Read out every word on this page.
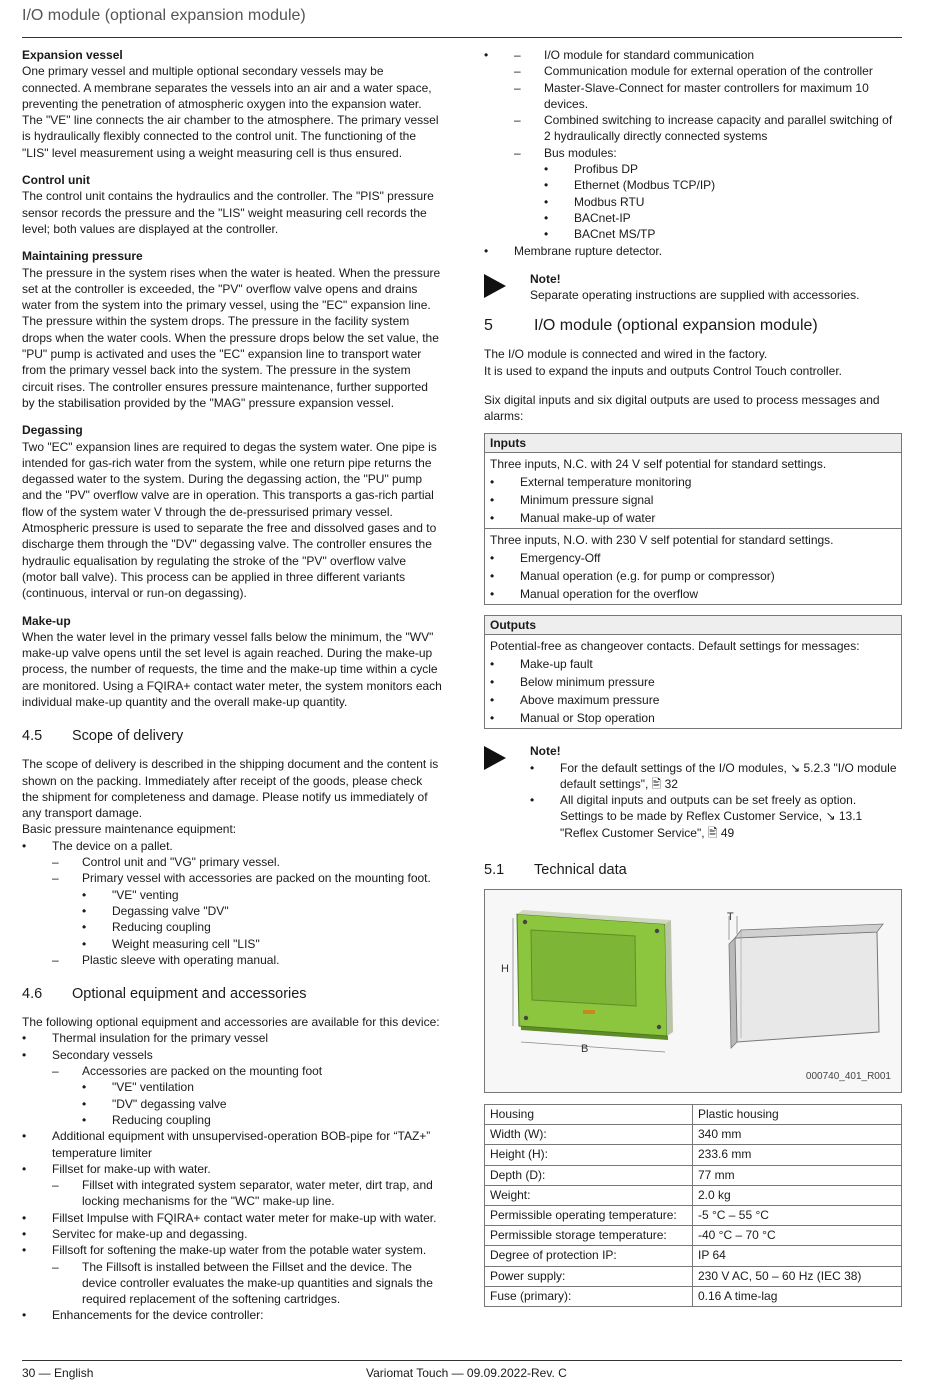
I/O module (optional expansion module)
Expansion vessel

One primary vessel and multiple optional secondary vessels may be connected. A membrane separates the vessels into an air and a water space, preventing the penetration of atmospheric oxygen into the expansion water. The "VE" line connects the air chamber to the atmosphere. The primary vessel is hydraulically flexibly connected to the control unit. The functioning of the "LIS" level measurement using a weight measuring cell is thus ensured.

Control unit

The control unit contains the hydraulics and the controller. The "PIS" pressure sensor records the pressure and the "LIS" weight measuring cell records the level; both values are displayed at the controller.

Maintaining pressure

The pressure in the system rises when the water is heated. When the pressure set at the controller is exceeded, the "PV" overflow valve opens and drains water from the system into the primary vessel, using the "EC" expansion line. The pressure within the system drops. The pressure in the facility system drops when the water cools. When the pressure drops below the set value, the "PU" pump is activated and uses the "EC" expansion line to transport water from the primary vessel back into the system. The pressure in the system circuit rises. The controller ensures pressure maintenance, further supported by the stabilisation provided by the "MAG" pressure expansion vessel.

Degassing

Two "EC" expansion lines are required to degas the system water. One pipe is intended for gas-rich water from the system, while one return pipe returns the degassed water to the system. During the degassing action, the "PU" pump and the "PV" overflow valve are in operation. This transports a gas-rich partial flow of the system water V through the de-pressurised primary vessel. Atmospheric pressure is used to separate the free and dissolved gases and to discharge them through the "DV" degassing valve. The controller ensures the hydraulic equalisation by regulating the stroke of the "PV" overflow valve (motor ball valve). This process can be applied in three different variants (continuous, interval or run-on degassing).

Make-up

When the water level in the primary vessel falls below the minimum, the "WV" make-up valve opens until the set level is again reached. During the make-up process, the number of requests, the time and the make-up time within a cycle are monitored. Using a FQIRA+ contact water meter, the system monitors each individual make-up quantity and the overall make-up quantity.

4.5	Scope of delivery

The scope of delivery is described in the shipping document and the content is shown on the packing. Immediately after receipt of the goods, please check the shipment for completeness and damage. Please notify us immediately of any transport damage.

Basic pressure maintenance equipment:

• The device on a pallet.
– Control unit and "VG" primary vessel.
– Primary vessel with accessories are packed on the mounting foot.
• "VE" venting
• Degassing valve "DV"
• Reducing coupling
• Weight measuring cell "LIS"
– Plastic sleeve with operating manual.
4.6	Optional equipment and accessories

The following optional equipment and accessories are available for this device:

• Thermal insulation for the primary vessel
• Secondary vessels
– Accessories are packed on the mounting foot
• "VE" ventilation
• "DV" degassing valve
• Reducing coupling
• Additional equipment with unsupervised-operation BOB-pipe for “TAZ+” temperature limiter
• Fillset for make-up with water.
– Fillset with integrated system separator, water meter, dirt trap, and locking mechanisms for the "WC" make-up line.
• Fillset Impulse with FQIRA+ contact water meter for make-up with water.
• Servitec for make-up and degassing.
• Fillsoft for softening the make-up water from the potable water system.
– The Fillsoft is installed between the Fillset and the device. The device controller evaluates the make-up quantities and signals the required replacement of the softening cartridges.
• Enhancements for the device controller:
– • I/O module for standard communication
– Communication module for external operation of the controller
– Master-Slave-Connect for master controllers for maximum 10 devices.
– Combined switching to increase capacity and parallel switching of 2 hydraulically directly connected systems
– Bus modules:
• Profibus DP
• Ethernet (Modbus TCP/IP)
• Modbus RTU
• BACnet-IP
• BACnet MS/TP
• Membrane rupture detector.
Note!

Separate operating instructions are supplied with accessories.

5	I/O module (optional expansion module)

The I/O module is connected and wired in the factory.

It is used to expand the inputs and outputs Control Touch controller.

Six digital inputs and six digital outputs are used to process messages and alarms:

Inputs

Three inputs, N.C. with 24 V self potential for standard settings.

• External temperature monitoring
• Minimum pressure signal
• Manual make-up of water

Three inputs, N.O. with 230 V self potential for standard settings.

• Emergency-Off
• Manual operation (e.g. for pump or compressor)
• Manual operation for the overflow
Outputs

Potential-free as changeover contacts. Default settings for messages:

• Make-up fault
• Below minimum pressure
• Above maximum pressure
• Manual or Stop operation
Note!
• For the default settings of the I/O modules, ↘ 5.2.3 "I/O module default settings", 🖹 32
• All digital inputs and outputs can be set freely as option. Settings to be made by Reflex Customer Service, ↘ 13.1 "Reflex Customer Service", 🖹 49
5.1	Technical data
H
B
T
000740_401_R001
Housing	Plastic housing
Width (W):	340 mm
Height (H):	233.6 mm
Depth (D):	77 mm
Weight:	2.0 kg
Permissible operating temperature:	-5 °C – 55 °C
Permissible storage temperature:	-40 °C – 70 °C
Degree of protection IP:	IP 64
Power supply:	230 V AC, 50 – 60 Hz (IEC 38)
Fuse (primary):	0.16 A time-lag
30 — English	Variomat Touch — 09.09.2022-Rev. C
